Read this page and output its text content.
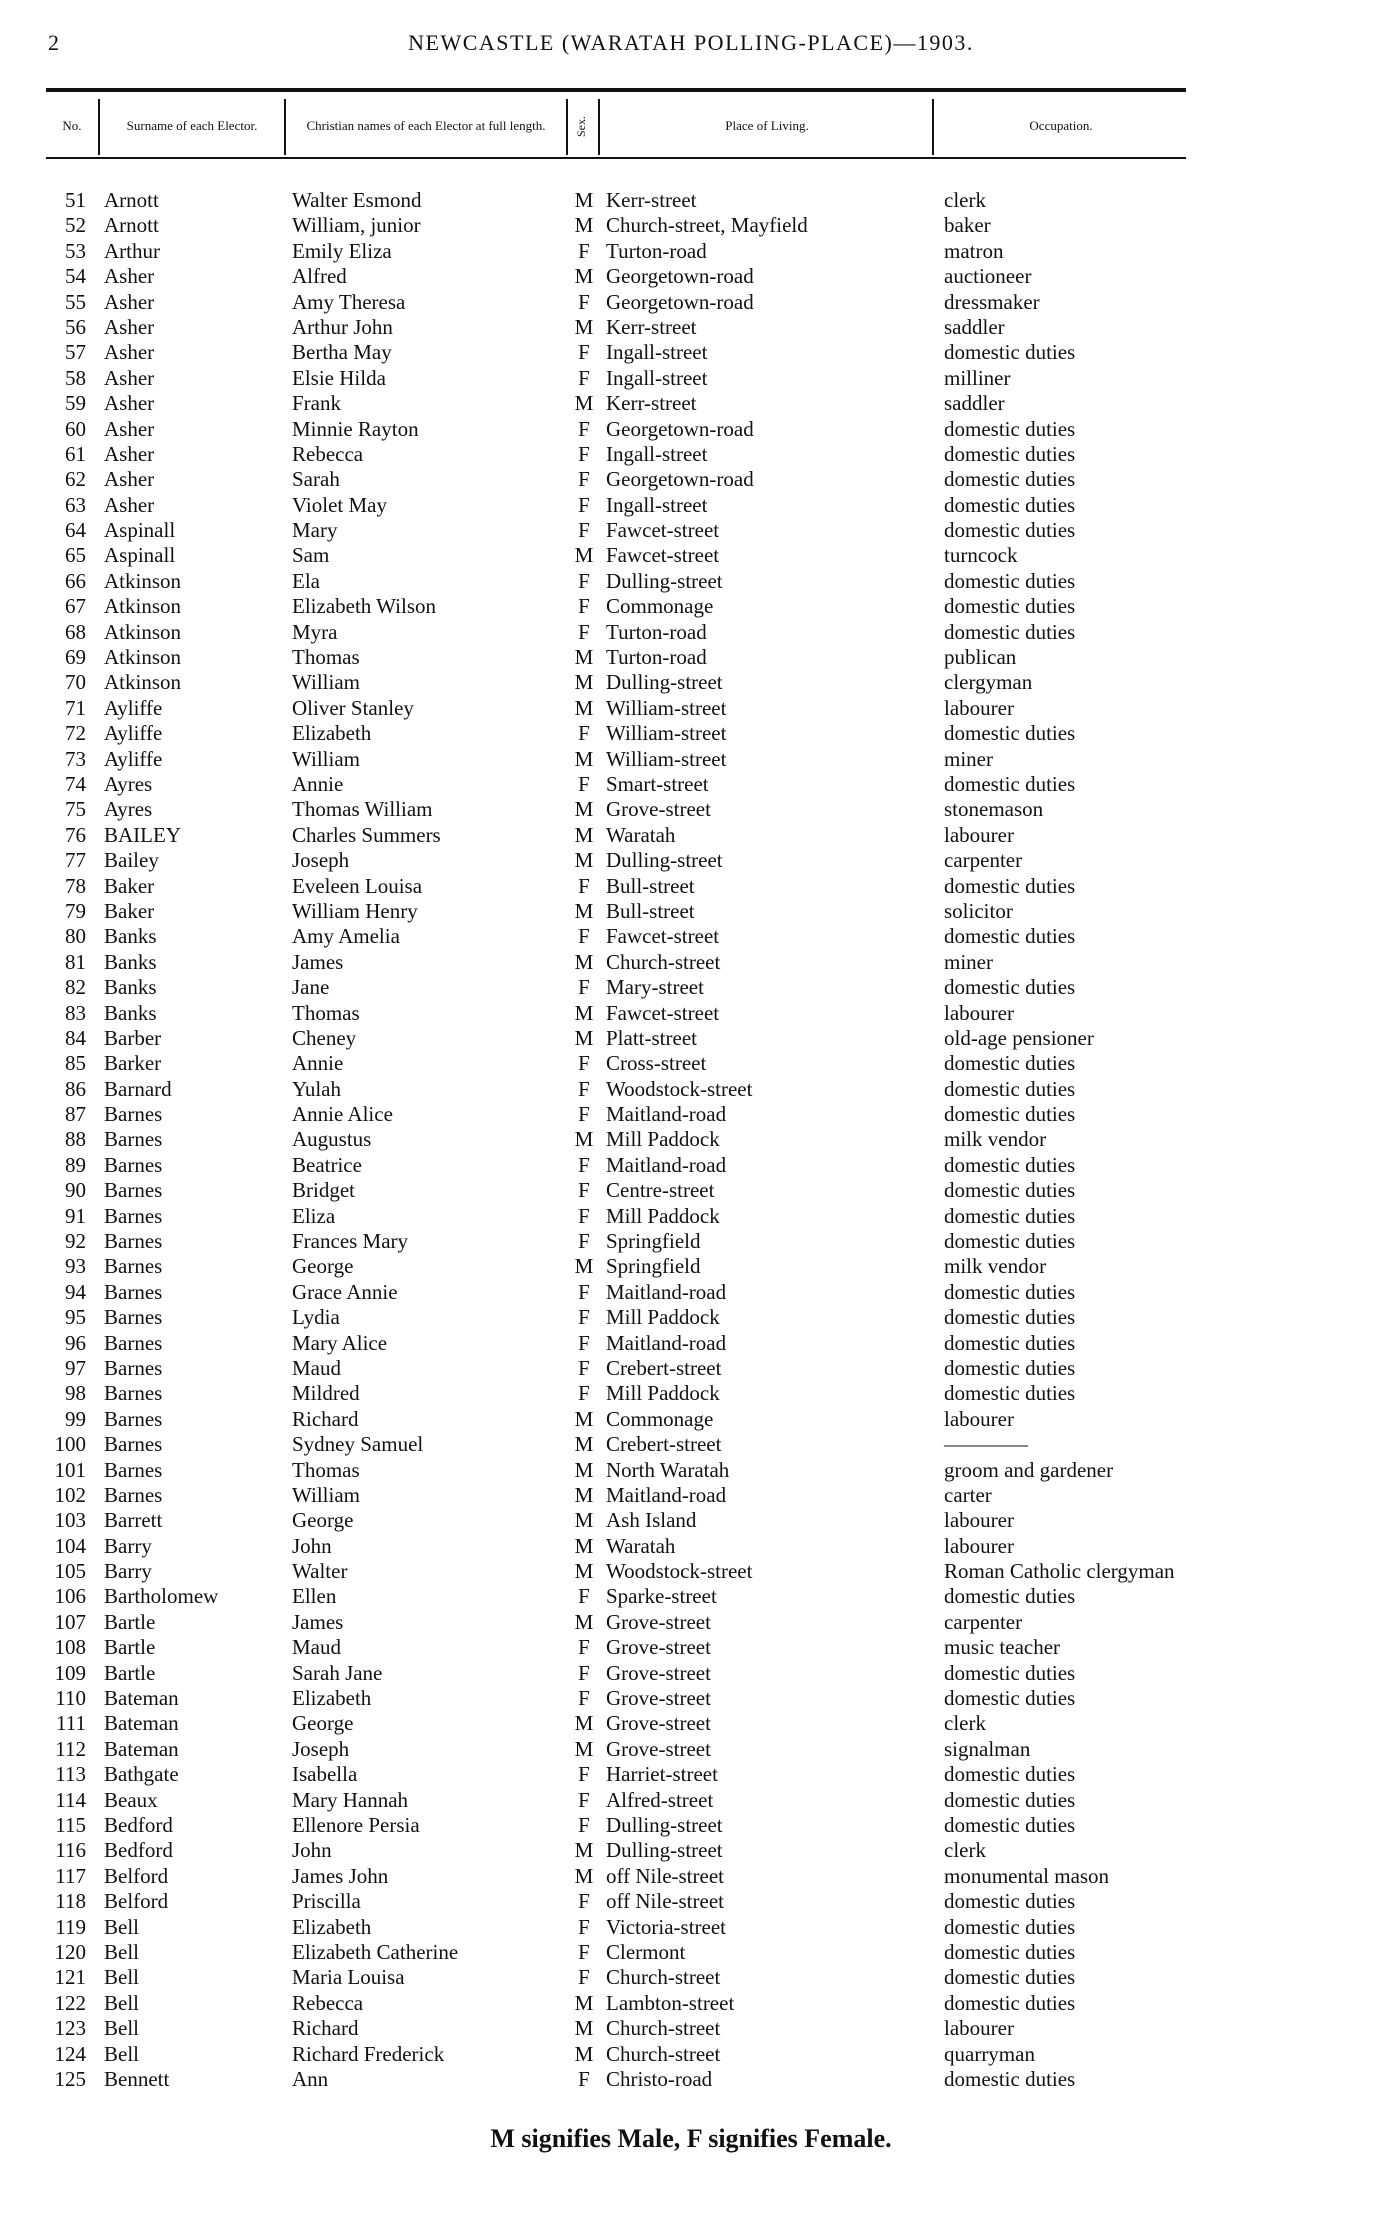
2	NEWCASTLE (WARATAH POLLING-PLACE)—1903.
No.	Surname of each Elector.	Christian names of each Elector at full length.	Sex.	Place of Living.	Occupation.
51 Arnott	Walter Esmond	M Kerr-street	clerk
52 Arnott	William, junior	M Church-street, Mayfield	baker
53 Arthur	Emily Eliza	F Turton-road	matron
54 Asher	Alfred	M Georgetown-road	auctioneer
55 Asher	Amy Theresa	F Georgetown-road	dressmaker
56 Asher	Arthur John	M Kerr-street	saddler
57 Asher	Bertha May	F Ingall-street	domestic duties
58 Asher	Elsie Hilda	F Ingall-street	milliner
59 Asher	Frank	M Kerr-street	saddler
60 Asher	Minnie Rayton	F Georgetown-road	domestic duties
61 Asher	Rebecca	F Ingall-street	domestic duties
62 Asher	Sarah	F Georgetown-road	domestic duties
63 Asher	Violet May	F Ingall-street	domestic duties
64 Aspinall	Mary	F Fawcet-street	domestic duties
65 Aspinall	Sam	M Fawcet-street	turncock
66 Atkinson	Ela	F Dulling-street	domestic duties
67 Atkinson	Elizabeth Wilson	F Commonage	domestic duties
68 Atkinson	Myra	F Turton-road	domestic duties
69 Atkinson	Thomas	M Turton-road	publican
70 Atkinson	William	M Dulling-street	clergyman
71 Ayliffe	Oliver Stanley	M William-street	labourer
72 Ayliffe	Elizabeth	F William-street	domestic duties
73 Ayliffe	William	M William-street	miner
74 Ayres	Annie	F Smart-street	domestic duties
75 Ayres	Thomas William	M Grove-street	stonemason
76 BAILEY	Charles Summers	M Waratah	labourer
77 Bailey	Joseph	M Dulling-street	carpenter
78 Baker	Eveleen Louisa	F Bull-street	domestic duties
79 Baker	William Henry	M Bull-street	solicitor
80 Banks	Amy Amelia	F Fawcet-street	domestic duties
81 Banks	James	M Church-street	miner
82 Banks	Jane	F Mary-street	domestic duties
83 Banks	Thomas	M Fawcet-street	labourer
84 Barber	Cheney	M Platt-street	old-age pensioner
85 Barker	Annie	F Cross-street	domestic duties
86 Barnard	Yulah	F Woodstock-street	domestic duties
87 Barnes	Annie Alice	F Maitland-road	domestic duties
88 Barnes	Augustus	M Mill Paddock	milk vendor
89 Barnes	Beatrice	F Maitland-road	domestic duties
90 Barnes	Bridget	F Centre-street	domestic duties
91 Barnes	Eliza	F Mill Paddock	domestic duties
92 Barnes	Frances Mary	F Springfield	domestic duties
93 Barnes	George	M Springfield	milk vendor
94 Barnes	Grace Annie	F Maitland-road	domestic duties
95 Barnes	Lydia	F Mill Paddock	domestic duties
96 Barnes	Mary Alice	F Maitland-road	domestic duties
97 Barnes	Maud	F Crebert-street	domestic duties
98 Barnes	Mildred	F Mill Paddock	domestic duties
99 Barnes	Richard	M Commonage	labourer
100 Barnes	Sydney Samuel	M Crebert-street	————
101 Barnes	Thomas	M North Waratah	groom and gardener
102 Barnes	William	M Maitland-road	carter
103 Barrett	George	M Ash Island	labourer
104 Barry	John	M Waratah	labourer
105 Barry	Walter	M Woodstock-street	Roman Catholic clergyman
106 Bartholomew	Ellen	F Sparke-street	domestic duties
107 Bartle	James	M Grove-street	carpenter
108 Bartle	Maud	F Grove-street	music teacher
109 Bartle	Sarah Jane	F Grove-street	domestic duties
110 Bateman	Elizabeth	F Grove-street	domestic duties
111 Bateman	George	M Grove-street	clerk
112 Bateman	Joseph	M Grove-street	signalman
113 Bathgate	Isabella	F Harriet-street	domestic duties
114 Beaux	Mary Hannah	F Alfred-street	domestic duties
115 Bedford	Ellenore Persia	F Dulling-street	domestic duties
116 Bedford	John	M Dulling-street	clerk
117 Belford	James John	M off Nile-street	monumental mason
118 Belford	Priscilla	F off Nile-street	domestic duties
119 Bell	Elizabeth	F Victoria-street	domestic duties
120 Bell	Elizabeth Catherine	F Clermont	domestic duties
121 Bell	Maria Louisa	F Church-street	domestic duties
122 Bell	Rebecca	M Lambton-street	domestic duties
123 Bell	Richard	M Church-street	labourer
124 Bell	Richard Frederick	M Church-street	quarryman
125 Bennett	Ann	F Christo-road	domestic duties
M signifies Male, F signifies Female.
